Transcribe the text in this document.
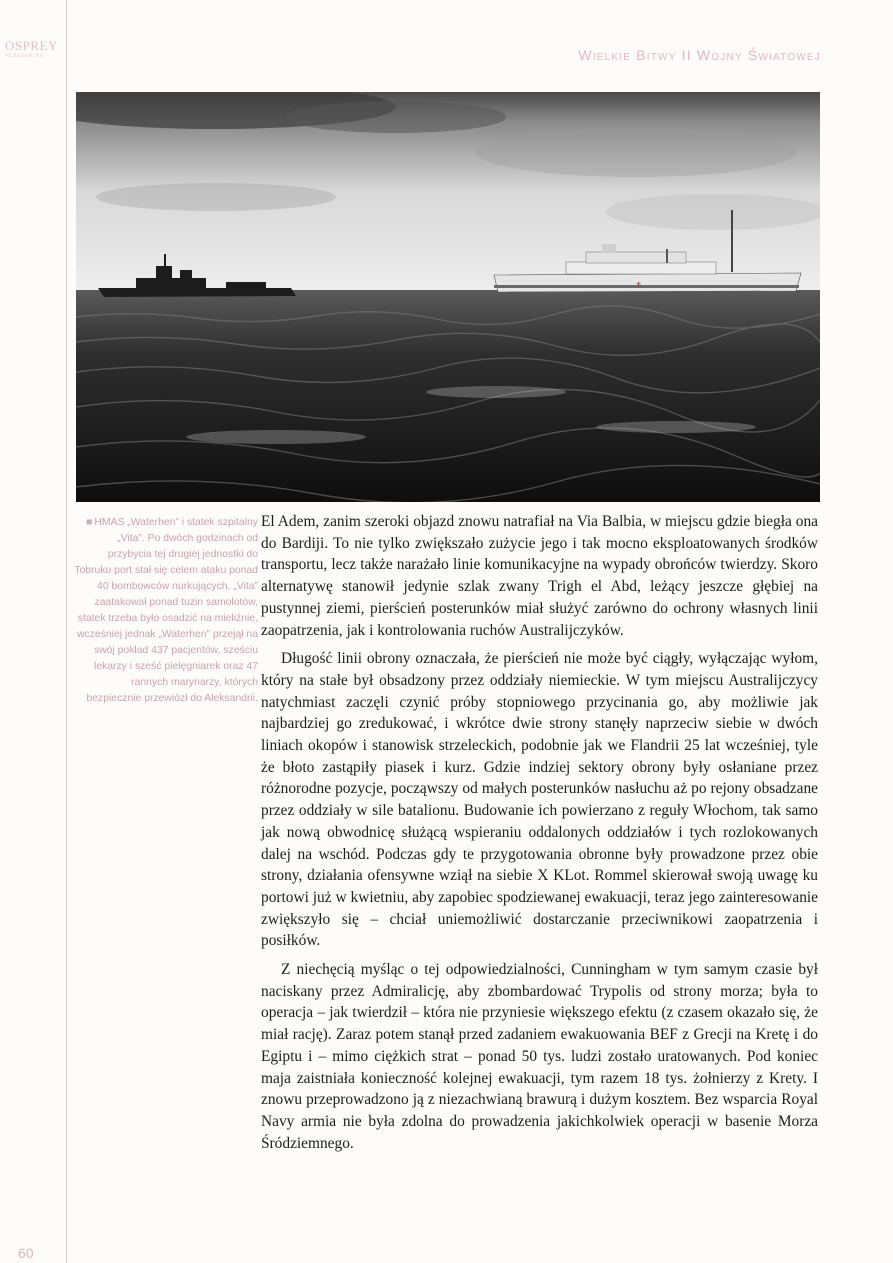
OSPREY
PUBLISHING	Wielkie Bitwy II Wojny Światowej
+
■ HMAS „Waterhen” i statek szpitalny „Vita”. Po dwóch godzinach od przybycia tej drugiej jednostki do Tobruku port stał się celem ataku ponad 40 bombowców nurkujących. „Vita” zaatakował ponad tuzin samolotów, statek trzeba było osadzić na mieliźnie, wcześniej jednak „Waterhen” przejął na swój pokład 437 pacjentów, sześciu lekarzy i sześć pielęgniarek oraz 47 rannych marynarzy, których bezpiecznie przewiózł do Aleksandrii.

El Adem, zanim szeroki objazd znowu natrafiał na Via Balbia, w miejscu gdzie biegła ona do Bardiji. To nie tylko zwiększało zużycie jego i tak mocno eksploatowanych środków transportu, lecz także narażało linie komunikacyjne na wypady obrońców twierdzy. Skoro alternatywę stanowił jedynie szlak zwany Trigh el Abd, leżący jeszcze głębiej na pustynnej ziemi, pierścień posterunków miał służyć zarówno do ochrony własnych linii zaopatrzenia, jak i kontrolowania ruchów Australijczyków.

Długość linii obrony oznaczała, że pierścień nie może być ciągły, wyłączając wyłom, który na stałe był obsadzony przez oddziały niemieckie. W tym miejscu Australijczycy natychmiast zaczęli czynić próby stopniowego przycinania go, aby możliwie jak najbardziej go zredukować, i wkrótce dwie strony stanęły naprzeciw siebie w dwóch liniach okopów i stanowisk strzeleckich, podobnie jak we Flandrii 25 lat wcześniej, tyle że błoto zastąpiły piasek i kurz. Gdzie indziej sektory obrony były osłaniane przez różnorodne pozycje, począwszy od małych posterunków nasłuchu aż po rejony obsadzane przez oddziały w sile batalionu. Budowanie ich powierzano z reguły Włochom, tak samo jak nową obwodnicę służącą wspieraniu oddalonych oddziałów i tych rozlokowanych dalej na wschód. Podczas gdy te przygotowania obronne były prowadzone przez obie strony, działania ofensywne wziął na siebie X KLot. Rommel skierował swoją uwagę ku portowi już w kwietniu, aby zapobiec spodziewanej ewakuacji, teraz jego zainteresowanie zwiększyło się – chciał uniemożliwić dostarczanie przeciwnikowi zaopatrzenia i posiłków.

Z niechęcią myśląc o tej odpowiedzialności, Cunningham w tym samym czasie był naciskany przez Admiralicję, aby zbombardować Trypolis od strony morza; była to operacja – jak twierdził – która nie przyniesie większego efektu (z czasem okazało się, że miał rację). Zaraz potem stanął przed zadaniem ewakuowania BEF z Grecji na Kretę i do Egiptu i – mimo ciężkich strat – ponad 50 tys. ludzi zostało uratowanych. Pod koniec maja zaistniała konieczność kolejnej ewakuacji, tym razem 18 tys. żołnierzy z Krety. I znowu przeprowadzono ją z niezachwianą brawurą i dużym kosztem. Bez wsparcia Royal Navy armia nie była zdolna do prowadzenia jakichkolwiek operacji w basenie Morza Śródziemnego.

60
